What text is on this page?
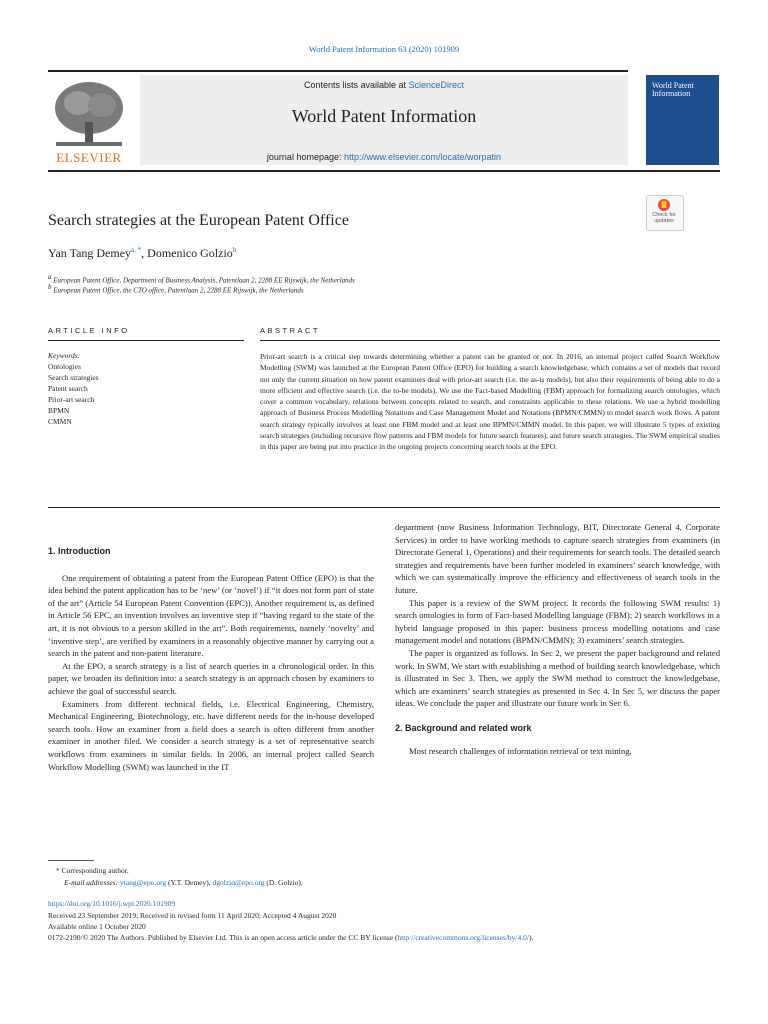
World Patent Information 63 (2020) 101909
ELSEVIER
Contents lists available at ScienceDirect
World Patent Information
journal homepage: http://www.elsevier.com/locate/worpatin
World Patent Information
Check for updates
Search strategies at the European Patent Office
Yan Tang Demey$^{a, *}$, Domenico Golzio$^b$
$^a$ European Patent Office, Department of Business Analysis, Patentlaan 2, 2288 EE Rijswijk, the Netherlands
$^b$ European Patent Office, the CTO office, Patentlaan 2, 2288 EE Rijswijk, the Netherlands
ARTICLE INFO	ABSTRACT
Keywords:
Ontologies
Search strategies
Patent search
Prior-art search
BPMN
CMMN
Prior-art search is a critical step towards determining whether a patent can be granted or not. In 2016, an internal project called Search Workflow Modelling (SWM) was launched at the European Patent Office (EPO) for building a search knowledgebase, which contains a set of models that record not only the current situation on how patent examiners deal with prior-art search (i.e. the as-is models), but also their requirements of being able to do a more efficient and effective search (i.e. the to-be models). We use the Fact-based Modelling (FBM) approach for formalizing search ontologies, which cover a common vocabulary, relations between concepts related to search, and constraints applicable to these relations. We use a hybrid modelling approach of Business Process Modelling Notations and Case Management Model and Notations (BPMN/CMMN) to model search work flows. A patent search strategy typically involves at least one FBM model and at least one BPMN/CMMN model. In this paper, we will illustrate 5 types of existing search strategies (including recursive flow patterns and FBM models for future search features), and future search strategies. The SWM empirical studies in this paper are being put into practice in the ongoing projects concerning search tools at the EPO.
1. Introduction

One requirement of obtaining a patent from the European Patent Office (EPO) is that the idea behind the patent application has to be ‘new’ (or ‘novel’) if “it does not form part of state of the art” (Article 54 European Patent Convention (EPC)). Another requirement is, as defined in Article 56 EPC, an invention involves an inventive step if “having regard to the state of the art, it is not obvious to a person skilled in the art”. Both requirements, namely ‘novelty’ and ‘inventive step’, are verified by examiners in a reasonably objective manner by carrying out a search in the patent and non-patent literature.

At the EPO, a search strategy is a list of search queries in a chronological order. In this paper, we broaden its definition into: a search strategy is an approach chosen by examiners to achieve the goal of successful search.

Examiners from different technical fields, i.e. Electrical Engineering, Chemistry, Mechanical Engineering, Biotechnology, etc. have different needs for the in-house developed search tools. How an examiner from a field does a search is often different from another examiner in another filed. We consider a search strategy is a set of representative search workflows from examiners in similar fields. In 2006, an internal project called Search Workflow Modelling (SWM) was launched in the IT

department (now Business Information Technology, BIT, Directorate General 4, Corporate Services) in order to have working methods to capture search strategies from examiners (in Directorate General 1, Operations) and their requirements for search tools. The detailed search strategies and requirements have been further modeled in examiners’ search knowledge, with which we can systematically improve the efficiency and effectiveness of search tools in the future.

This paper is a review of the SWM project. It records the following SWM results: 1) search ontologies in form of Fact-based Modelling language (FBM); 2) search workflows in a hybrid language proposed in this paper: business process modelling notations and case management model and notations (BPMN/CMMN); 3) examiners’ search strategies.

The paper is organized as follows. In Sec 2, we present the paper background and related work. In SWM, We start with establishing a method of building search knowledgebase, which is illustrated in Sec 3. Then, we apply the SWM method to construct the knowledgebase, which are examiners’ search strategies as presented in Sec 4. In Sec 5, we discuss the paper ideas. We conclude the paper and illustrate our future work in Sec 6.

2. Background and related work

Most research challenges of information retrieval or text mining,

* Corresponding author.
E-mail addresses: ytang@epo.org (Y.T. Demey), dgolzio@epo.org (D. Golzio).
https://doi.org/10.1016/j.wpi.2020.101909
Received 23 September 2019; Received in revised form 11 April 2020; Accepted 4 August 2020
Available online 1 October 2020
0172-2190/© 2020 The Authors. Published by Elsevier Ltd. This is an open access article under the CC BY license (http://creativecommons.org/licenses/by/4.0/).
